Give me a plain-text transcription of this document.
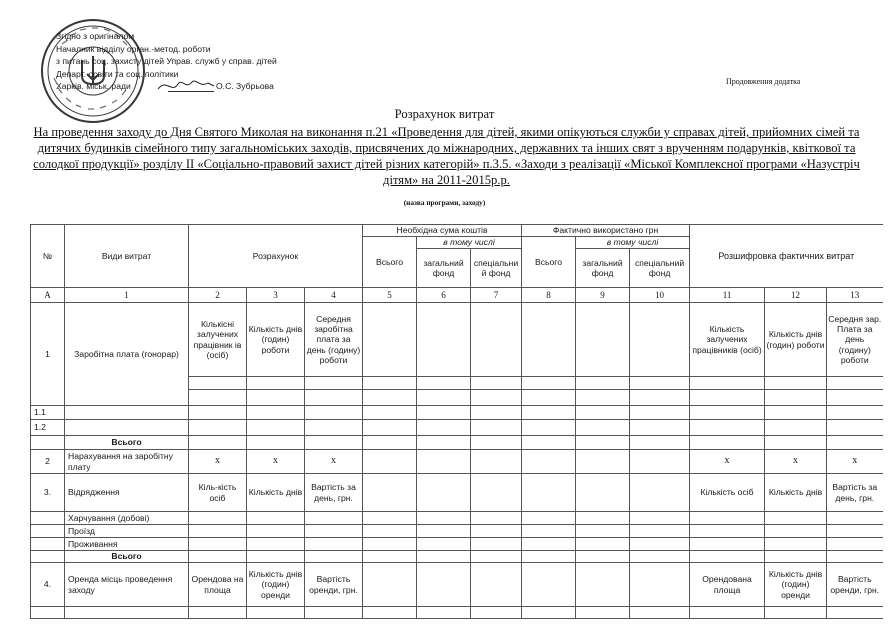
Згідно з оригіналом
Началник відділу орган.-метод. роботи
з питань соц. захисту дітей Управ. служб у справ. дітей
Департ. освіти та соц. політики
Харків. міськ. ради	О.С. Зубрьова	Продовження додатка
Розрахунок витрат
На проведення заходу до Дня Святого Миколая на виконання п.21 «Проведення для дітей, якими опікуються служби у справах дітей, прийомних сімей та дитячих будинків сімейного типу загальноміських заходів, присвячених до міжнародних, державних та інших свят з врученням подарунків, квіткової та солодкої продукції» розділу ІІ «Соціально-правовий захист дітей різних категорій» п.3.5. «Заходи з реалізації «Міської Комплексної програми «Назустріч дітям» на 2011-2015р.р.
(назва програми, заходу)
№	Види витрат	Розрахунок			Необхідна сума коштів			Фактично використано грн			Розшифровка фактичних витрат		
					Всього	в тому числі		Всього	в тому числі				
						загальний фонд	спеціальний фонд		загальний фонд	спеціальний фонд			
А	1	2	3	4	5	6	7	8	9	10	11	12	13
1	Заробітна плата (гонорар)	Кількісні залучених працівник ів (осіб)	Кількість днів (годин) роботи	Середня заробітна плата за день (годину) роботи							Кількість залучених працівників (осіб)	Кількість днів (годин) роботи	Середня зар. Плата за день (годину) роботи

1.1													
1.2													
	Всього												
2	Нарахування на заробітну плату	x	x	x							x	x	x
3.	Відрядження	Кіль-кість осіб	Кількість днів	Вартість за день, грн.							Кількість осіб	Кількість днів	Вартість за день, грн.
	Харчування (добові)												
	Проїзд												
	Проживання												
	Всього												
4.	Оренда місць проведення заходу	Орендова на площа	Кількість днів (годин) оренди	Вартість оренди, грн.							Орендована площа	Кількість днів (годин) оренди	Вартість оренди, грн.
